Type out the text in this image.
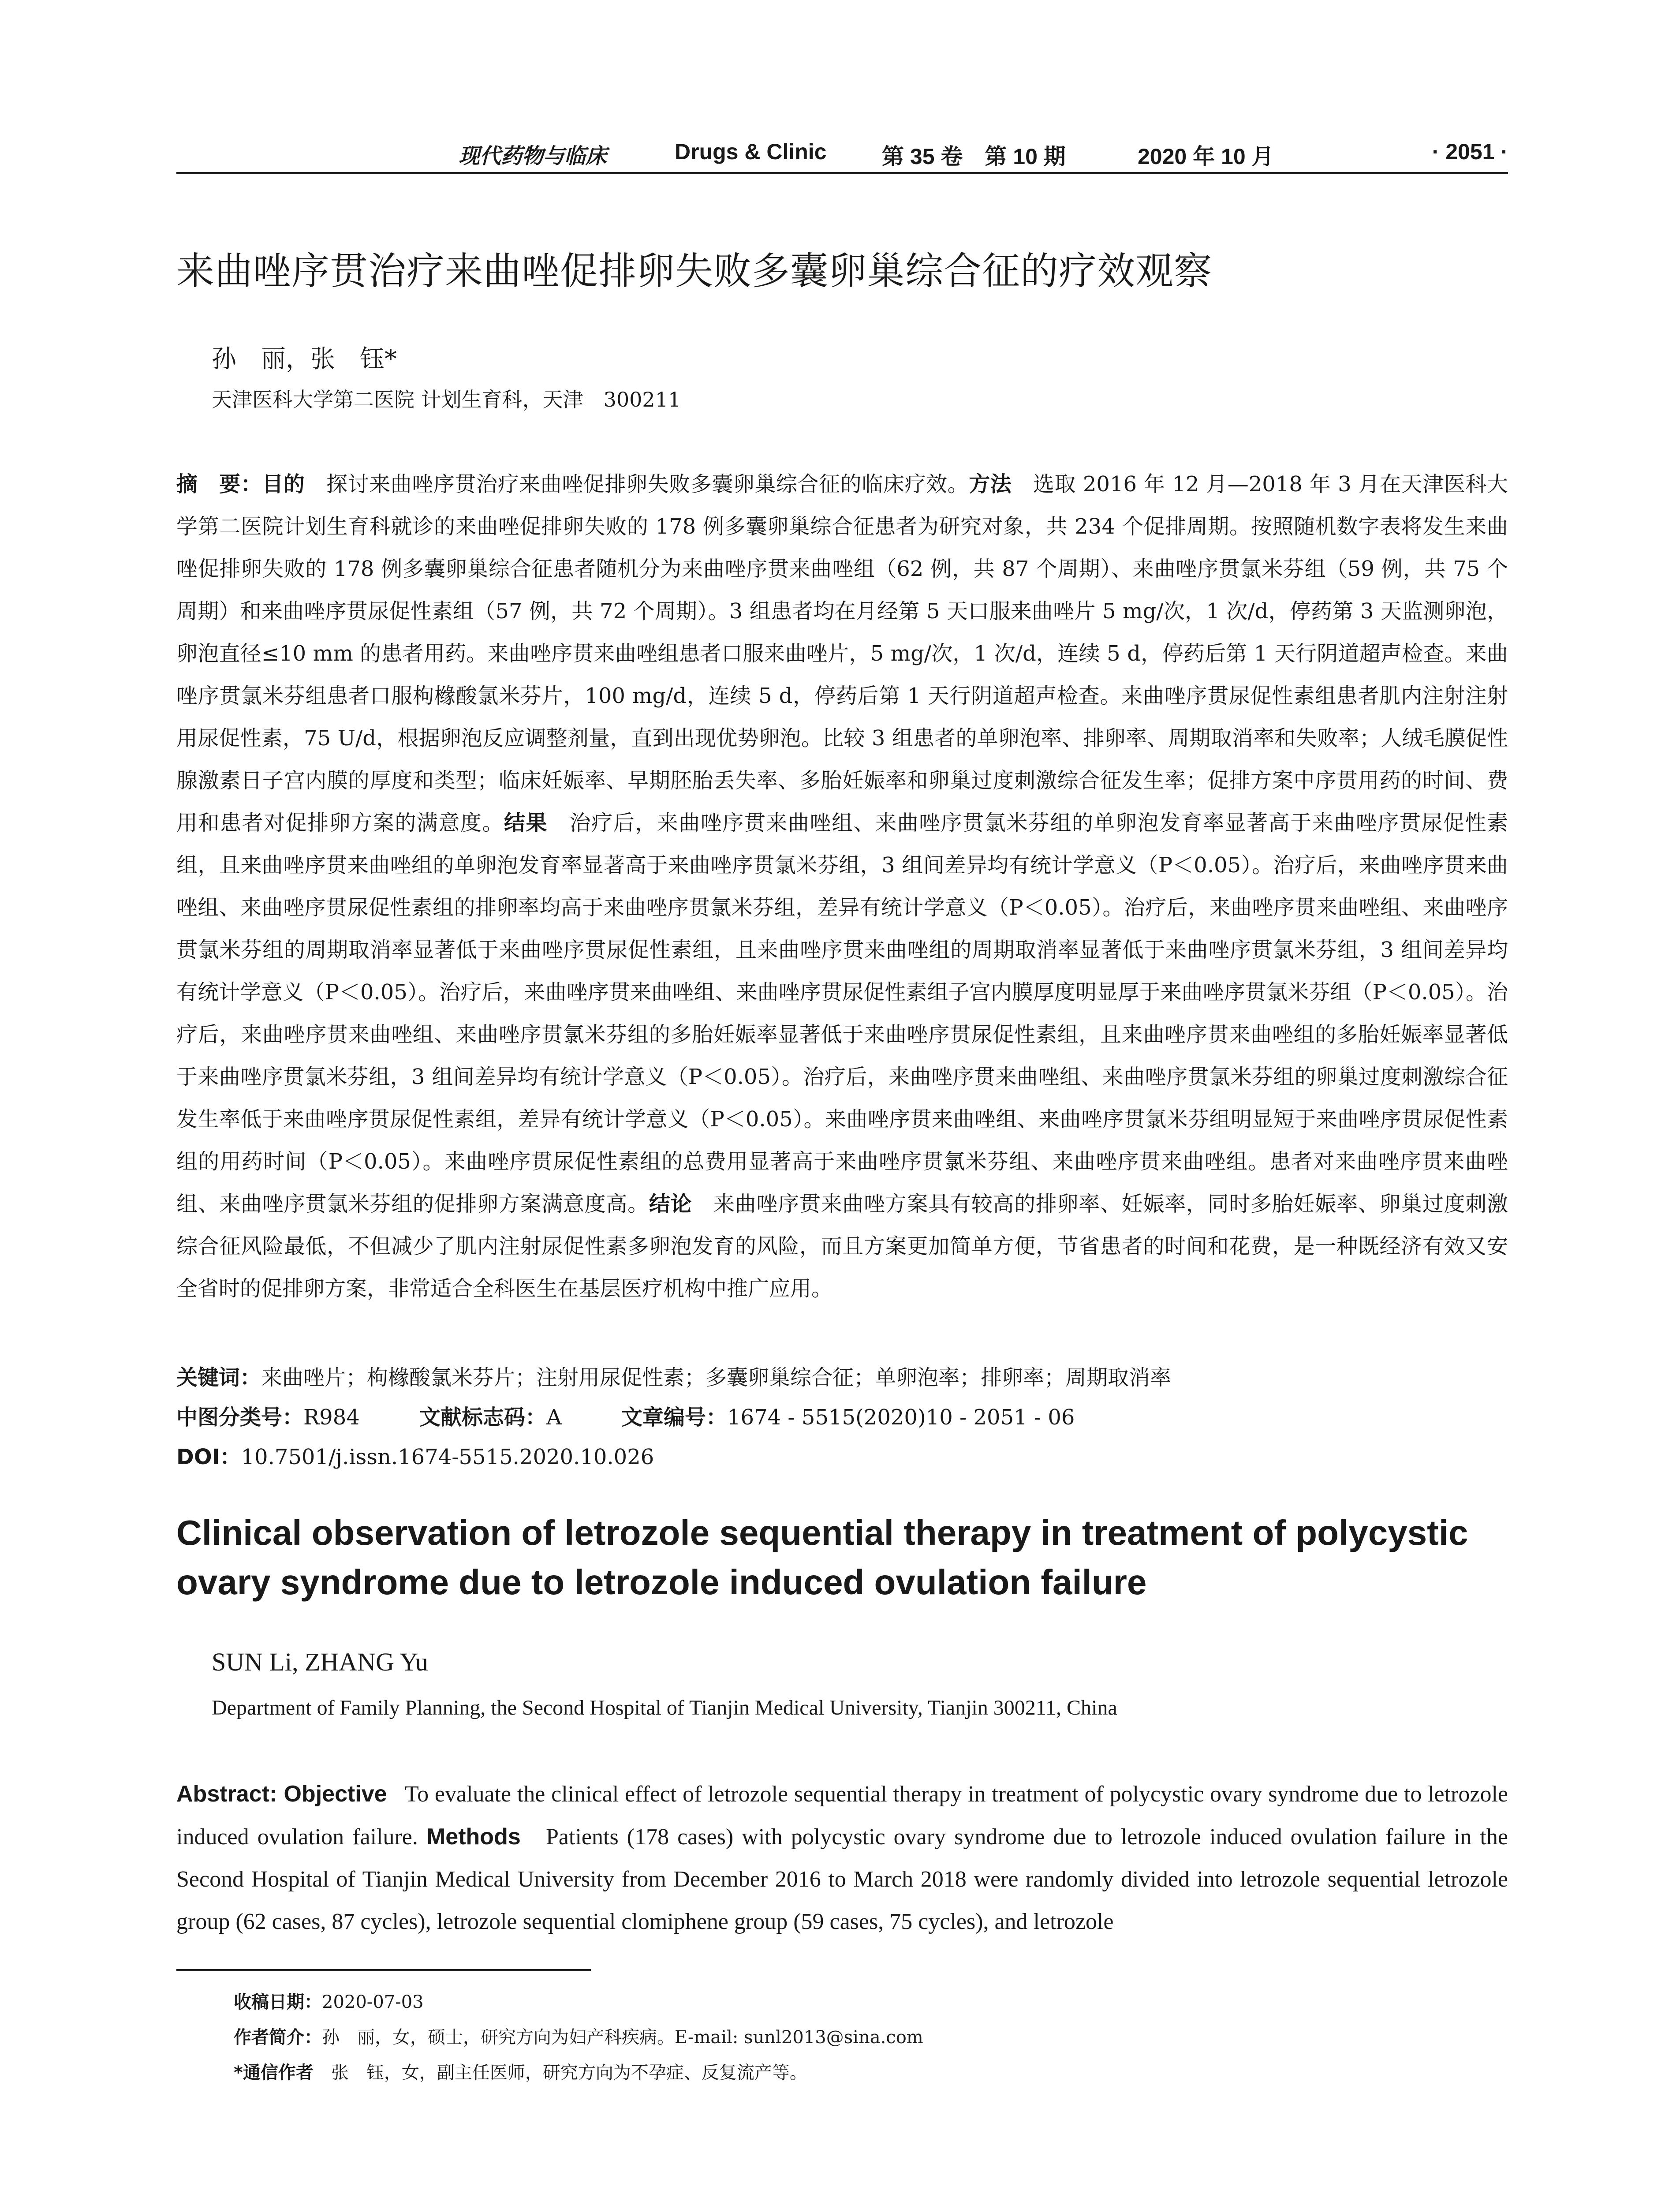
现代药物与临床	Drugs & Clinic	第 35 卷　第 10 期	2020 年 10 月	· 2051 ·
来曲唑序贯治疗来曲唑促排卵失败多囊卵巢综合征的疗效观察
孙　丽，张　钰*
天津医科大学第二医院 计划生育科，天津　300211

摘　要：目的　 探讨来曲唑序贯治疗来曲唑促排卵失败多囊卵巢综合征的临床疗效。方法　 选取 2016 年 12 月—2018 年 3 月在天津医科大学第二医院计划生育科就诊的来曲唑促排卵失败的 178 例多囊卵巢综合征患者为研究对象，共 234 个促排周期。按照随机数字表将发生来曲唑促排卵失败的 178 例多囊卵巢综合征患者随机分为来曲唑序贯来曲唑组（62 例，共 87 个周期）、来曲唑序贯氯米芬组（59 例，共 75 个周期）和来曲唑序贯尿促性素组（57 例，共 72 个周期）。3 组患者均在月经第 5 天口服来曲唑片 5 mg/次，1 次/d，停药第 3 天监测卵泡，卵泡直径≤10 mm 的患者用药。来曲唑序贯来曲唑组患者口服来曲唑片，5 mg/次，1 次/d，连续 5 d，停药后第 1 天行阴道超声检查。来曲唑序贯氯米芬组患者口服枸橼酸氯米芬片，100 mg/d，连续 5 d，停药后第 1 天行阴道超声检查。来曲唑序贯尿促性素组患者肌内注射注射用尿促性素，75 U/d，根据卵泡反应调整剂量，直到出现优势卵泡。比较 3 组患者的单卵泡率、排卵率、周期取消率和失败率；人绒毛膜促性腺激素日子宫内膜的厚度和类型；临床妊娠率、早期胚胎丢失率、多胎妊娠率和卵巢过度刺激综合征发生率；促排方案中序贯用药的时间、费用和患者对促排卵方案的满意度。结果　 治疗后，来曲唑序贯来曲唑组、来曲唑序贯氯米芬组的单卵泡发育率显著高于来曲唑序贯尿促性素组，且来曲唑序贯来曲唑组的单卵泡发育率显著高于来曲唑序贯氯米芬组，3 组间差异均有统计学意义（P＜0.05）。治疗后，来曲唑序贯来曲唑组、来曲唑序贯尿促性素组的排卵率均高于来曲唑序贯氯米芬组，差异有统计学意义（P＜0.05）。治疗后，来曲唑序贯来曲唑组、来曲唑序贯氯米芬组的周期取消率显著低于来曲唑序贯尿促性素组，且来曲唑序贯来曲唑组的周期取消率显著低于来曲唑序贯氯米芬组，3 组间差异均有统计学意义（P＜0.05）。治疗后，来曲唑序贯来曲唑组、来曲唑序贯尿促性素组子宫内膜厚度明显厚于来曲唑序贯氯米芬组（P＜0.05）。治疗后，来曲唑序贯来曲唑组、来曲唑序贯氯米芬组的多胎妊娠率显著低于来曲唑序贯尿促性素组，且来曲唑序贯来曲唑组的多胎妊娠率显著低于来曲唑序贯氯米芬组，3 组间差异均有统计学意义（P＜0.05）。治疗后，来曲唑序贯来曲唑组、来曲唑序贯氯米芬组的卵巢过度刺激综合征发生率低于来曲唑序贯尿促性素组，差异有统计学意义（P＜0.05）。来曲唑序贯来曲唑组、来曲唑序贯氯米芬组明显短于来曲唑序贯尿促性素组的用药时间（P＜0.05）。来曲唑序贯尿促性素组的总费用显著高于来曲唑序贯氯米芬组、来曲唑序贯来曲唑组。患者对来曲唑序贯来曲唑组、来曲唑序贯氯米芬组的促排卵方案满意度高。结论　 来曲唑序贯来曲唑方案具有较高的排卵率、妊娠率，同时多胎妊娠率、卵巢过度刺激综合征风险最低，不但减少了肌内注射尿促性素多卵泡发育的风险，而且方案更加简单方便，节省患者的时间和花费，是一种既经济有效又安全省时的促排卵方案，非常适合全科医生在基层医疗机构中推广应用。

关键词：来曲唑片；枸橼酸氯米芬片；注射用尿促性素；多囊卵巢综合征；单卵泡率；排卵率；周期取消率
中图分类号：R984	文献标志码：A	文章编号：1674 - 5515(2020)10 - 2051 - 06
DOI：10.7501/j.issn.1674-5515.2020.10.026
Clinical observation of letrozole sequential therapy in treatment of polycystic ovary syndrome due to letrozole induced ovulation failure
SUN Li, ZHANG Yu
Department of Family Planning, the Second Hospital of Tianjin Medical University, Tianjin 300211, China

Abstract: Objective To evaluate the clinical effect of letrozole sequential therapy in treatment of polycystic ovary syndrome due to letrozole induced ovulation failure. Methods Patients (178 cases) with polycystic ovary syndrome due to letrozole induced ovulation failure in the Second Hospital of Tianjin Medical University from December 2016 to March 2018 were randomly divided into letrozole sequential letrozole group (62 cases, 87 cycles), letrozole sequential clomiphene group (59 cases, 75 cycles), and letrozole

收稿日期：2020-07-03
作者简介：孙　丽，女，硕士，研究方向为妇产科疾病。E-mail: sunl2013@sina.com
*通信作者　 张　钰，女，副主任医师，研究方向为不孕症、反复流产等。
